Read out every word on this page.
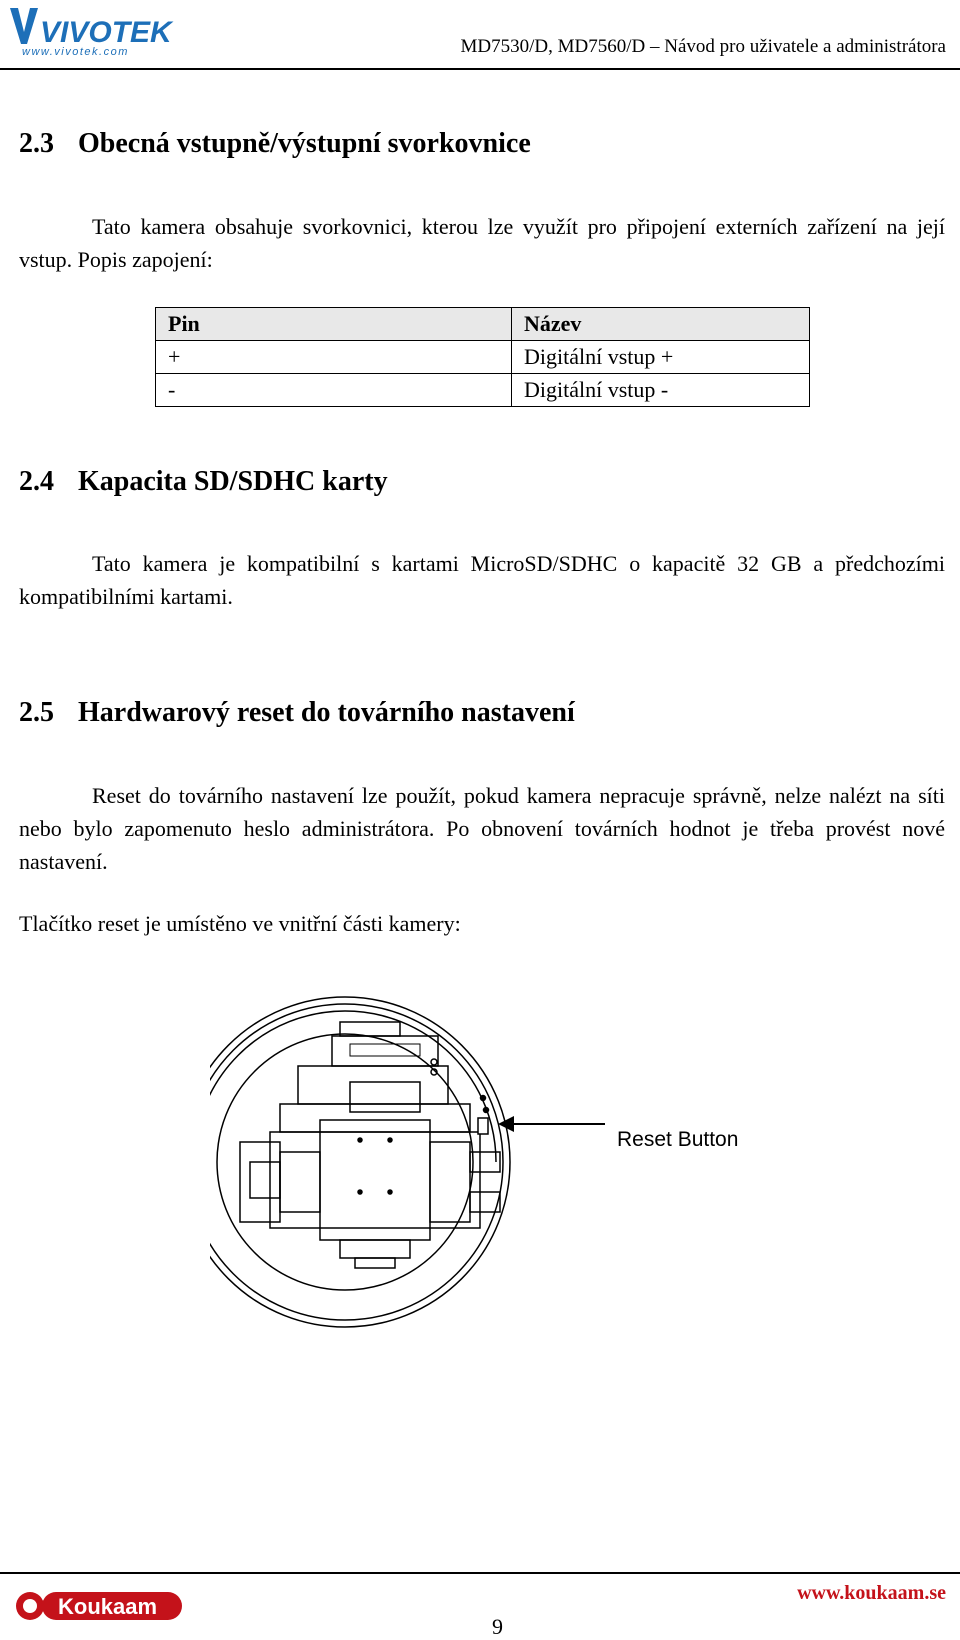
VIVOTEK
www.vivotek.com	MD7530/D, MD7560/D – Návod pro uživatele a administrátora
2.3 Obecná vstupně/výstupní svorkovnice
Tato kamera obsahuje svorkovnici, kterou lze využít pro připojení externích zařízení na její vstup. Popis zapojení:
Pin	Název
+	Digitální vstup +
-	Digitální vstup -
2.4 Kapacita SD/SDHC karty
Tato kamera je kompatibilní s kartami MicroSD/SDHC o kapacitě 32 GB a předchozími kompatibilními kartami.
2.5 Hardwarový reset do továrního nastavení
Reset do továrního nastavení lze použít, pokud kamera nepracuje správně, nelze nalézt na síti nebo bylo zapomenuto heslo administrátora. Po obnovení továrních hodnot je třeba provést nové nastavení.
Tlačítko reset je umístěno ve vnitřní části kamery:
Reset Button
Koukaam
www.koukaam.se
9
